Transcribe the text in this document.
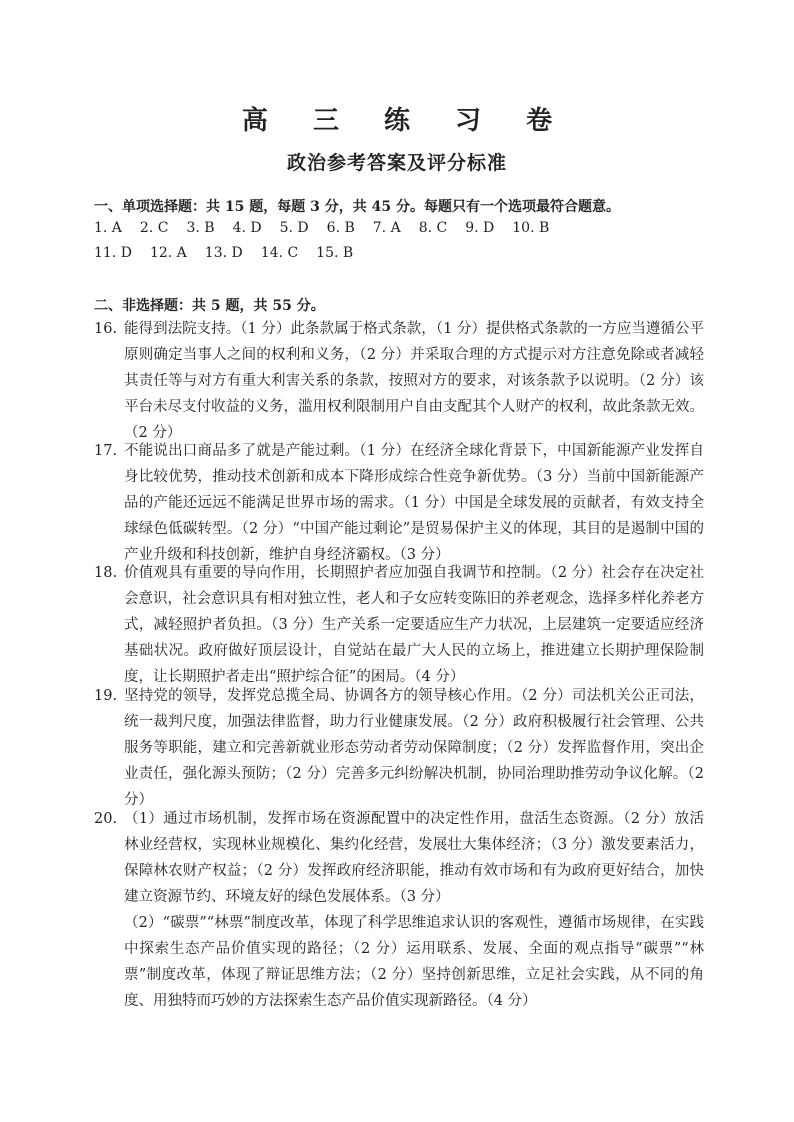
高 三 练 习 卷
政治参考答案及评分标准
一、单项选择题：共 15 题，每题 3 分，共 45 分。每题只有一个选项最符合题意。
1. A 2. C 3. B 4. D 5. D 6. B 7. A 8. C 9. D 10. B
11. D 12. A 13. D 14. C 15. B
二、非选择题：共 5 题，共 55 分。
16. 能得到法院支持。（1 分）此条款属于格式条款，（1 分）提供格式条款的一方应当遵循公平原则确定当事人之间的权利和义务，（2 分）并采取合理的方式提示对方注意免除或者减轻其责任等与对方有重大利害关系的条款，按照对方的要求，对该条款予以说明。（2 分）该平台未尽支付收益的义务，滥用权利限制用户自由支配其个人财产的权利，故此条款无效。（2 分）
17. 不能说出口商品多了就是产能过剩。（1 分）在经济全球化背景下，中国新能源产业发挥自身比较优势，推动技术创新和成本下降形成综合性竞争新优势。（3 分）当前中国新能源产品的产能还远远不能满足世界市场的需求。（1 分）中国是全球发展的贡献者，有效支持全球绿色低碳转型。（2 分）“中国产能过剩论”是贸易保护主义的体现，其目的是遏制中国的产业升级和科技创新，维护自身经济霸权。（3 分）
18. 价值观具有重要的导向作用，长期照护者应加强自我调节和控制。（2 分）社会存在决定社会意识，社会意识具有相对独立性，老人和子女应转变陈旧的养老观念，选择多样化养老方式，减轻照护者负担。（3 分）生产关系一定要适应生产力状况，上层建筑一定要适应经济基础状况。政府做好顶层设计，自觉站在最广大人民的立场上，推进建立长期护理保险制度，让长期照护者走出“照护综合征”的困局。（4 分）
19. 坚持党的领导，发挥党总揽全局、协调各方的领导核心作用。（2 分）司法机关公正司法，统一裁判尺度，加强法律监督，助力行业健康发展。（2 分）政府积极履行社会管理、公共服务等职能，建立和完善新就业形态劳动者劳动保障制度；（2 分）发挥监督作用，突出企业责任，强化源头预防；（2 分）完善多元纠纷解决机制，协同治理助推劳动争议化解。（2 分）
20. （1）通过市场机制，发挥市场在资源配置中的决定性作用，盘活生态资源。（2 分）放活林业经营权，实现林业规模化、集约化经营，发展壮大集体经济；（3 分）激发要素活力，保障林农财产权益；（2 分）发挥政府经济职能，推动有效市场和有为政府更好结合，加快建立资源节约、环境友好的绿色发展体系。（3 分）
（2）“碳票”“林票”制度改革，体现了科学思维追求认识的客观性，遵循市场规律，在实践中探索生态产品价值实现的路径；（2 分）运用联系、发展、全面的观点指导“碳票”“林票”制度改革，体现了辩证思维方法；（2 分）坚持创新思维，立足社会实践，从不同的角度、用独特而巧妙的方法探索生态产品价值实现新路径。（4 分）
